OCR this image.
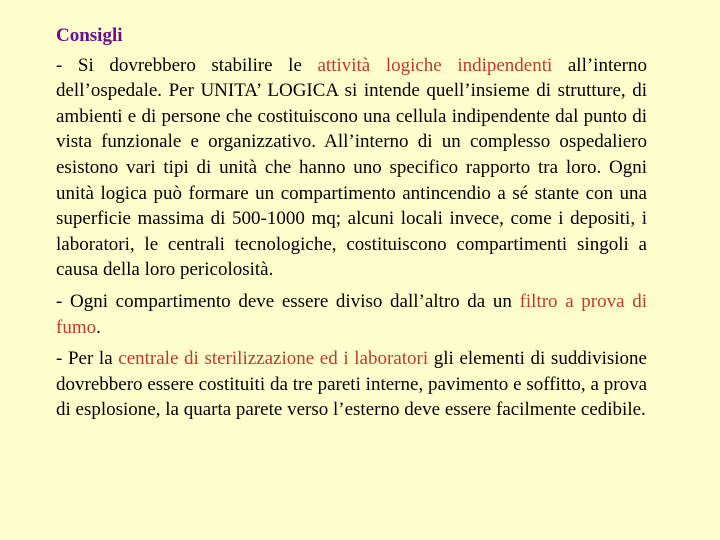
Consigli

- Si dovrebbero stabilire le attività logiche indipendenti all’interno dell’ospedale. Per UNITA’ LOGICA si intende quell’insieme di strutture, di ambienti e di persone che costituiscono una cellula indipendente dal punto di vista funzionale e organizzativo. All’interno di un complesso ospedaliero esistono vari tipi di unità che hanno uno specifico rapporto tra loro. Ogni unità logica può formare un compartimento antincendio a sé stante con una superficie massima di 500-1000 mq; alcuni locali invece, come i depositi, i laboratori, le centrali tecnologiche, costituiscono compartimenti singoli a causa della loro pericolosità.

- Ogni compartimento deve essere diviso dall’altro da un filtro a prova di fumo.

- Per la centrale di sterilizzazione ed i laboratori gli elementi di suddivisione dovrebbero essere costituiti da tre pareti interne, pavimento e soffitto, a prova di esplosione, la quarta parete verso l’esterno deve essere facilmente cedibile.
